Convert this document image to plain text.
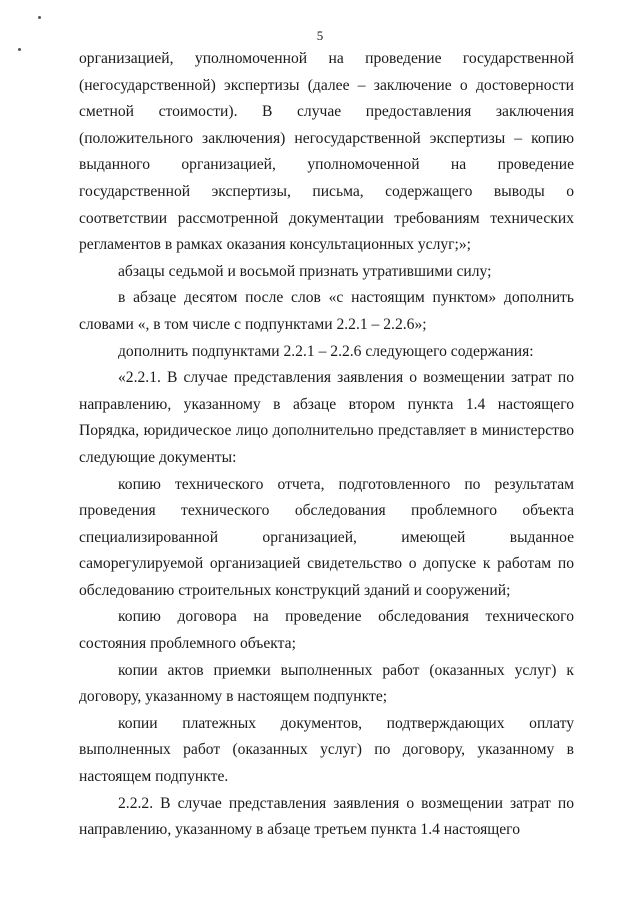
5

организацией, уполномоченной на проведение государственной (негосударственной) экспертизы (далее – заключение о достоверности сметной стоимости). В случае предоставления заключения (положительного заключения) негосударственной экспертизы – копию выданного организацией, уполномоченной на проведение государственной экспертизы, письма, содержащего выводы о соответствии рассмотренной документации требованиям технических регламентов в рамках оказания консультационных услуг;»;

абзацы седьмой и восьмой признать утратившими силу;

в абзаце десятом после слов «с настоящим пунктом» дополнить словами «, в том числе с подпунктами 2.2.1 – 2.2.6»;

дополнить подпунктами 2.2.1 – 2.2.6 следующего содержания:

«2.2.1. В случае представления заявления о возмещении затрат по направлению, указанному в абзаце втором пункта 1.4 настоящего Порядка, юридическое лицо дополнительно представляет в министерство следующие документы:

копию технического отчета, подготовленного по результатам проведения технического обследования проблемного объекта специализированной организацией, имеющей выданное саморегулируемой организацией свидетельство о допуске к работам по обследованию строительных конструкций зданий и сооружений;

копию договора на проведение обследования технического состояния проблемного объекта;

копии актов приемки выполненных работ (оказанных услуг) к договору, указанному в настоящем подпункте;

копии платежных документов, подтверждающих оплату выполненных работ (оказанных услуг) по договору, указанному в настоящем подпункте.

2.2.2. В случае представления заявления о возмещении затрат по направлению, указанному в абзаце третьем пункта 1.4 настоящего
